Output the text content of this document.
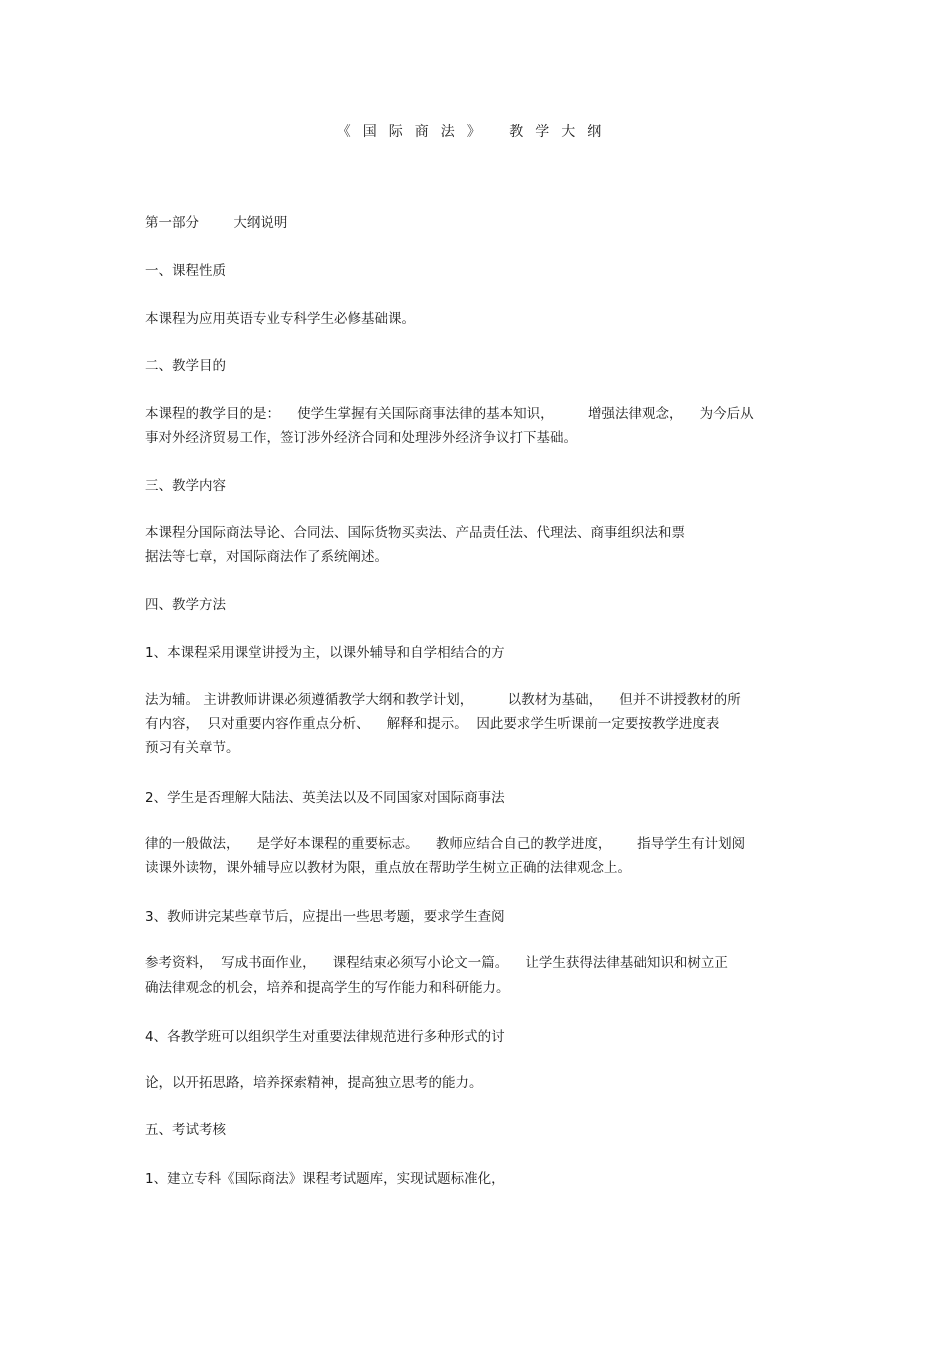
《国际商法》 教学大纲
第一部分        大纲说明
一、课程性质
本课程为应用英语专业专科学生必修基础课。
二、教学目的
本课程的教学目的是：    使学生掌握有关国际商事法律的基本知识，        增强法律观念，    为今后从
事对外经济贸易工作，签订涉外经济合同和处理涉外经济争议打下基础。
三、教学内容
本课程分国际商法导论、合同法、国际货物买卖法、产品责任法、代理法、商事组织法和票
据法等七章，对国际商法作了系统阐述。
四、教学方法
1、本课程采用课堂讲授为主，以课外辅导和自学相结合的方
法为辅。 主讲教师讲课必须遵循教学大纲和教学计划，        以教材为基础，    但并不讲授教材的所
有内容，  只对重要内容作重点分析、    解释和提示。  因此要求学生听课前一定要按教学进度表
预习有关章节。
2、学生是否理解大陆法、英美法以及不同国家对国际商事法
律的一般做法，    是学好本课程的重要标志。    教师应结合自己的教学进度，      指导学生有计划阅
读课外读物，课外辅导应以教材为限，重点放在帮助学生树立正确的法律观念上。
3、教师讲完某些章节后，应提出一些思考题，要求学生查阅
参考资料，  写成书面作业，    课程结束必须写小论文一篇。    让学生获得法律基础知识和树立正
确法律观念的机会，培养和提高学生的写作能力和科研能力。
4、各教学班可以组织学生对重要法律规范进行多种形式的讨
论，以开拓思路，培养探索精神，提高独立思考的能力。
五、考试考核
1、建立专科《国际商法》课程考试题库，实现试题标准化，
